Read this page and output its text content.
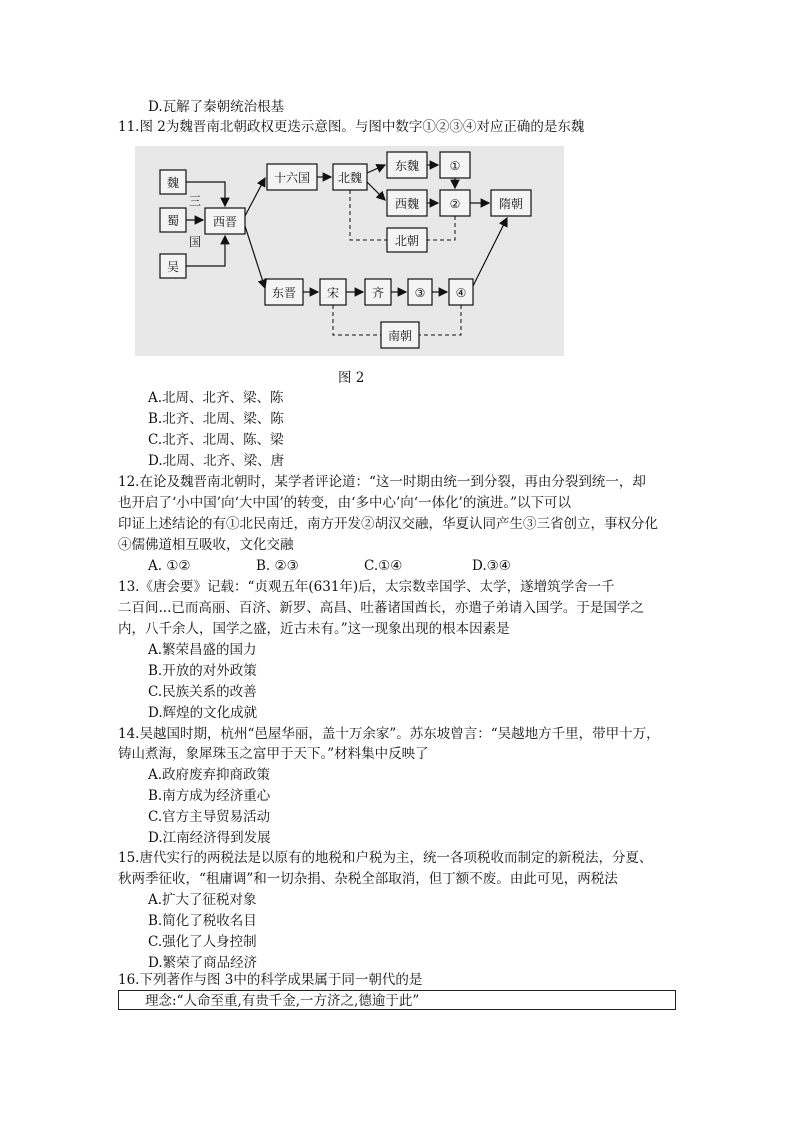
D.瓦解了秦朝统治根基
11.图 2为魏晋南北朝政权更迭示意图。与图中数字①②③④对应正确的是东魏
魏
蜀
吴
三
国
西晋
十六国 北魏
东魏	①
西魏	②	隋朝
北朝
东晋	宋	齐	③	④
南朝
图 2
A.北周、北齐、梁、陈
B.北齐、北周、梁、陈
C.北齐、北周、陈、梁
D.北周、北齐、梁、唐
12.在论及魏晋南北朝时，某学者评论道：“这一时期由统一到分裂，再由分裂到统一，却
也开启了‘小中国’向‘大中国’的转变，由‘多中心’向‘一体化’的演进。”以下可以
印证上述结论的有①北民南迁，南方开发②胡汉交融，华夏认同产生③三省创立，事权分化
④儒佛道相互吸收，文化交融
A. ①②	B. ②③	C.①④	D.③④
13.《唐会要》记载：“贞观五年(631年)后，太宗数幸国学、太学，遂增筑学舍一千
二百间...已而高丽、百济、新罗、高昌、吐蕃诸国酋长，亦遣子弟请入国学。于是国学之
内，八千余人，国学之盛，近古未有。”这一现象出现的根本因素是
A.繁荣昌盛的国力
B.开放的对外政策
C.民族关系的改善
D.辉煌的文化成就
14.吴越国时期，杭州“邑屋华丽，盖十万余家”。苏东坡曾言：“吴越地方千里，带甲十万，
铸山煮海，象犀珠玉之富甲于天下。”材料集中反映了
A.政府废弃抑商政策
B.南方成为经济重心
C.官方主导贸易活动
D.江南经济得到发展
15.唐代实行的两税法是以原有的地税和户税为主，统一各项税收而制定的新税法，分夏、
秋两季征收，“租庸调”和一切杂捐、杂税全部取消，但丁额不废。由此可见，两税法
A.扩大了征税对象
B.简化了税收名目
C.强化了人身控制
D.繁荣了商品经济
16.下列著作与图 3中的科学成果属于同一朝代的是
理念:“人命至重,有贵千金,一方济之,德逾于此”
